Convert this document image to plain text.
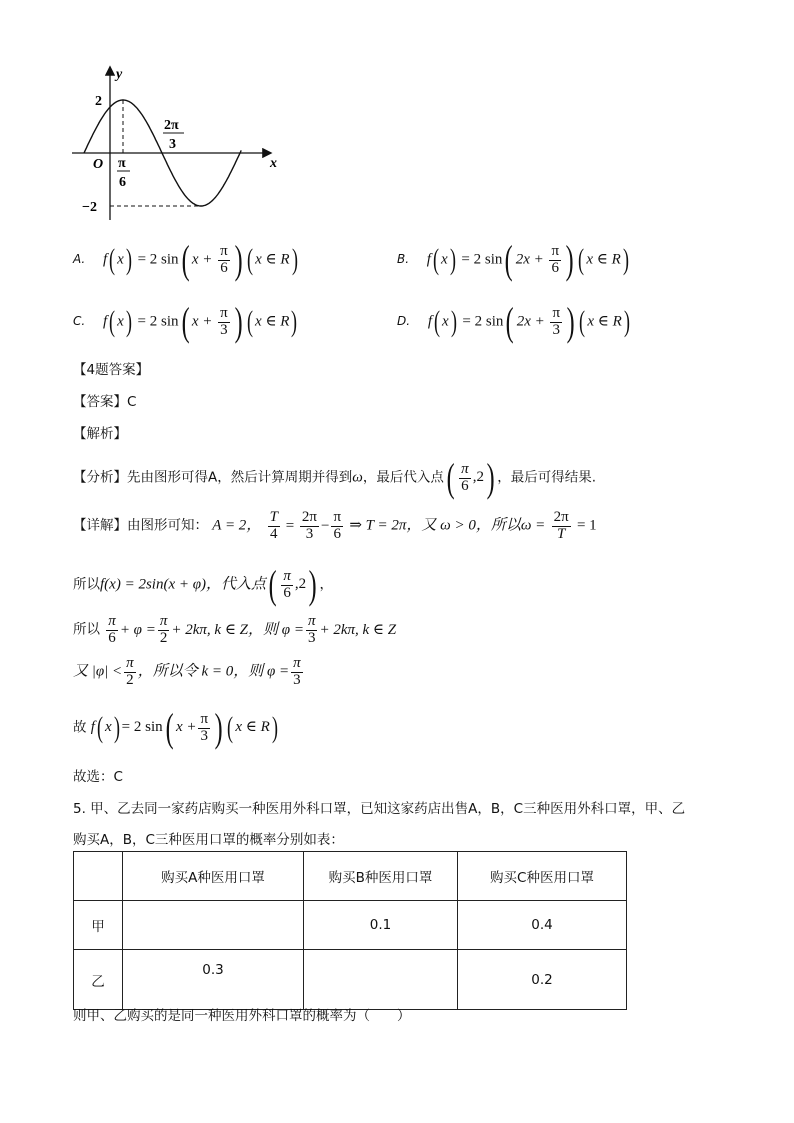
y
x
O
2
−2
π
6
2π
3
A. f( x) = 2 sin( $x + \frac{\pi}{6}$ ) ( x ∈ R)	B. f( x) = 2 sin( $2x + \frac{\pi}{6}$ ) ( x ∈ R)
C. f( x) = 2 sin( $x + \frac{\pi}{3}$ ) ( x ∈ R)	D. f( x) = 2 sin( $2x + \frac{\pi}{3}$ ) ( x ∈ R)
【4题答案】
【答案】C
【解析】
【分析】先由图形可得A，然后计算周期并得到ω，最后代入点( $\frac{\pi}{6} ,2$) ，最后可得结果.
【详解】由图形可知： A = 2， $\frac{T}{4} = \frac{2\pi}{3} - \frac{\pi}{6}$ ⇒ T = 2π，又 ω > 0，所以$\omega = \frac{2\pi}{T} = 1$
所以f(x) = 2sin(x + φ)，代入点( $\frac{\pi}{6} ,2$) ，
所以 $\frac{\pi}{6} + \varphi = \frac{\pi}{2} + 2k\pi$, k ∈ Z，则 $\varphi = \frac{\pi}{3} + 2k\pi$, k ∈ Z
又 $|\varphi| < \frac{\pi}{2}$ ，所以令 k = 0，则 $\varphi = \frac{\pi}{3}$
故 f( x) = 2 sin( $x + \frac{\pi}{3}$ ) ( x ∈ R)
故选：C
5. 甲、乙去同一家药店购买一种医用外科口罩，已知这家药店出售A，B，C三种医用外科口罩，甲、乙
购买A，B，C三种医用口罩的概率分别如表：
	购买A种医用口罩	购买B种医用口罩	购买C种医用口罩
甲		0.1	0.4
乙	0.3		0.2
则甲、乙购买的是同一种医用外科口罩的概率为（　　）
